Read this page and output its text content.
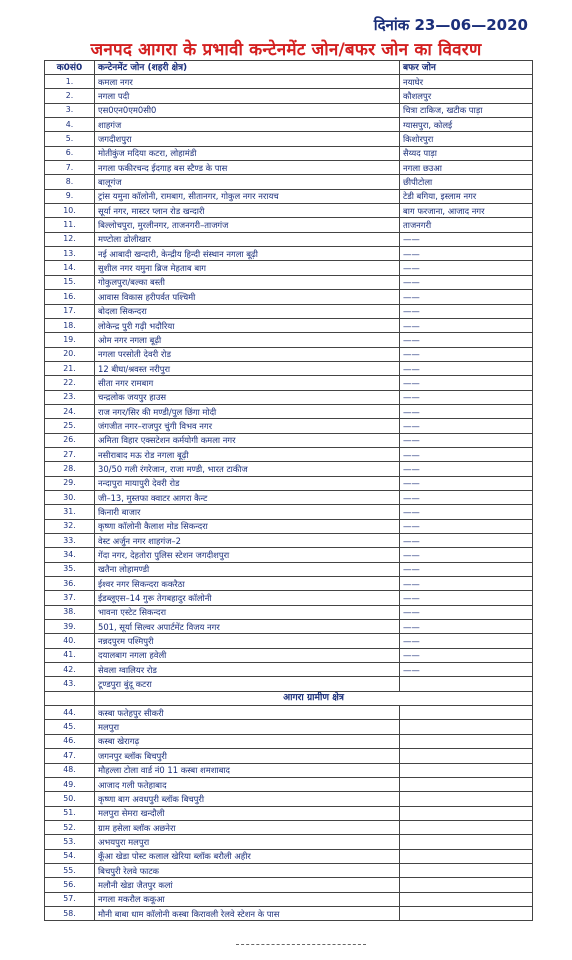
दिनांक 23—06—2020
जनपद आगरा के प्रभावी कन्टेनमेंट जोन/बफर जोन का विवरण
क0सं0	कन्टेनमेंट जोन (शहरी क्षेत्र)	बफर जोन
1.	कमला नगर	नयाघेर
2.	नगला पदी	कौशलपुर
3.	एस0एन0एम0सी0	चित्रा टाकिज, खटीक पाड़ा
4.	शाहगंज	ग्यासपुरा, कोलई
5.	जगदीशपुरा	किशोरपुरा
6.	मोतीकुंज मदिया कटरा, लोहामंडी	सैय्यद पाड़ा
7.	नगला फकीरचन्द ईदगाह बस स्टैण्ड के पास	नगला छउआ
8.	बालूगंज	छीपीटोला
9.	ट्रांस यमुना कॉलोनी, रामबाग, सीतानगर, गोकुल नगर नरायच	टेडी बगिया, इस्लाम नगर
10.	सूर्या नगर, मास्टर प्लान रोड खन्दारी	बाग फरजाना, आजाद नगर
11.	बिल्लोचपुरा, मुरलीनगर, ताजनगरी–ताजगंज	ताजनगरी
12.	मण्टोला ढोलीखार	——
13.	नई आबादी खन्दारी, केन्द्रीय हिन्दी संस्थान नगला बूढ़ी	——
14.	सुशील नगर यमुना ब्रिज मेहताब बाग	——
15.	गोकुलपुरा/बल्का बस्ती	——
16.	आवास विकास हरीपर्वत पश्चिमी	——
17.	बोदला सिकन्दरा	——
18.	लोकेन्द्र पुरी गढ़ी भदौरिया	——
19.	ओम नगर नगला बूढ़ी	——
20.	नगला परसोती देवरी रोड	——
21.	12 बीघा/श्रवस्त नरीपुरा	——
22.	सीता नगर रामबाग	——
23.	चन्द्रलोक जयपुर हाउस	——
24.	राज नगर/सिर की मण्डी/पुल छिंगा मोदी	——
25.	जंगजीत नगर–राजपुर चुंगी विभव नगर	——
26.	अमिता विहार एक्सटेशन कर्मयोगी कमला नगर	——
27.	नसीराबाद मऊ रोड नगला बूढ़ी	——
28.	30/50 गली रंगरेजान, राजा मण्डी, भारत टाकीज	——
29.	नन्दापुरा मायापुरी देवरी रोड	——
30.	जी–13, मुस्तफा क्वाटर आगरा कैन्ट	——
31.	किनारी बाजार	——
32.	कृष्णा कॉलोनी कैलाश मोड सिकन्दरा	——
33.	वेस्ट अर्जुन नगर शाहगंज–2	——
34.	गेंदा नगर, देहतोरा पुलिस स्टेशन जगदीशपुरा	——
35.	खतैना लोहामण्डी	——
36.	ईश्वर नगर सिकन्दरा ककरैठा	——
37.	ईडब्लूएस–14 गुरू तेगबहादुर कॉलोनी	——
38.	भावना एस्टेट सिकन्दरा	——
39.	501, सूर्या सिल्वर अपार्टमेंट विजय नगर	——
40.	नन्नदपुरम पश्मिपुरी	——
41.	दयालबाग नगला हवेली	——
42.	सेवला ग्वालियर रोड	——
43.	टूण्डपुरा बुंदू कटरा	
	आगरा ग्रामीण क्षेत्र	
44.	कस्बा फतेहपुर सीकरी	
45.	मलपुरा	
46.	कस्बा खेरागढ़	
47.	जगनपुर ब्लॉक बिचपुरी	
48.	मौहल्ला टोला वार्ड नं0 11 कस्बा शमशाबाद	
49.	आजाद गली फतेहाबाद	
50.	कृष्णा बाग अवधपुरी ब्लॉक बिचपुरी	
51.	मलपुरा सेमरा खन्दौली	
52.	ग्राम हसेला ब्लॉक अछनेरा	
53.	अभयपुरा मलपुरा	
54.	कूँआ खेडा पोस्ट कलाल खेरिया ब्लॉक बरौली अहीर	
55.	बिचपुरी रेलवे फाटक	
56.	मलौनी खेडा जैतपुर कलां	
57.	नगला मकरौल ककूआ	
58.	मौनी बाबा धाम कॉलोनी कस्बा किरावली रेलवे स्टेशन के पास	
